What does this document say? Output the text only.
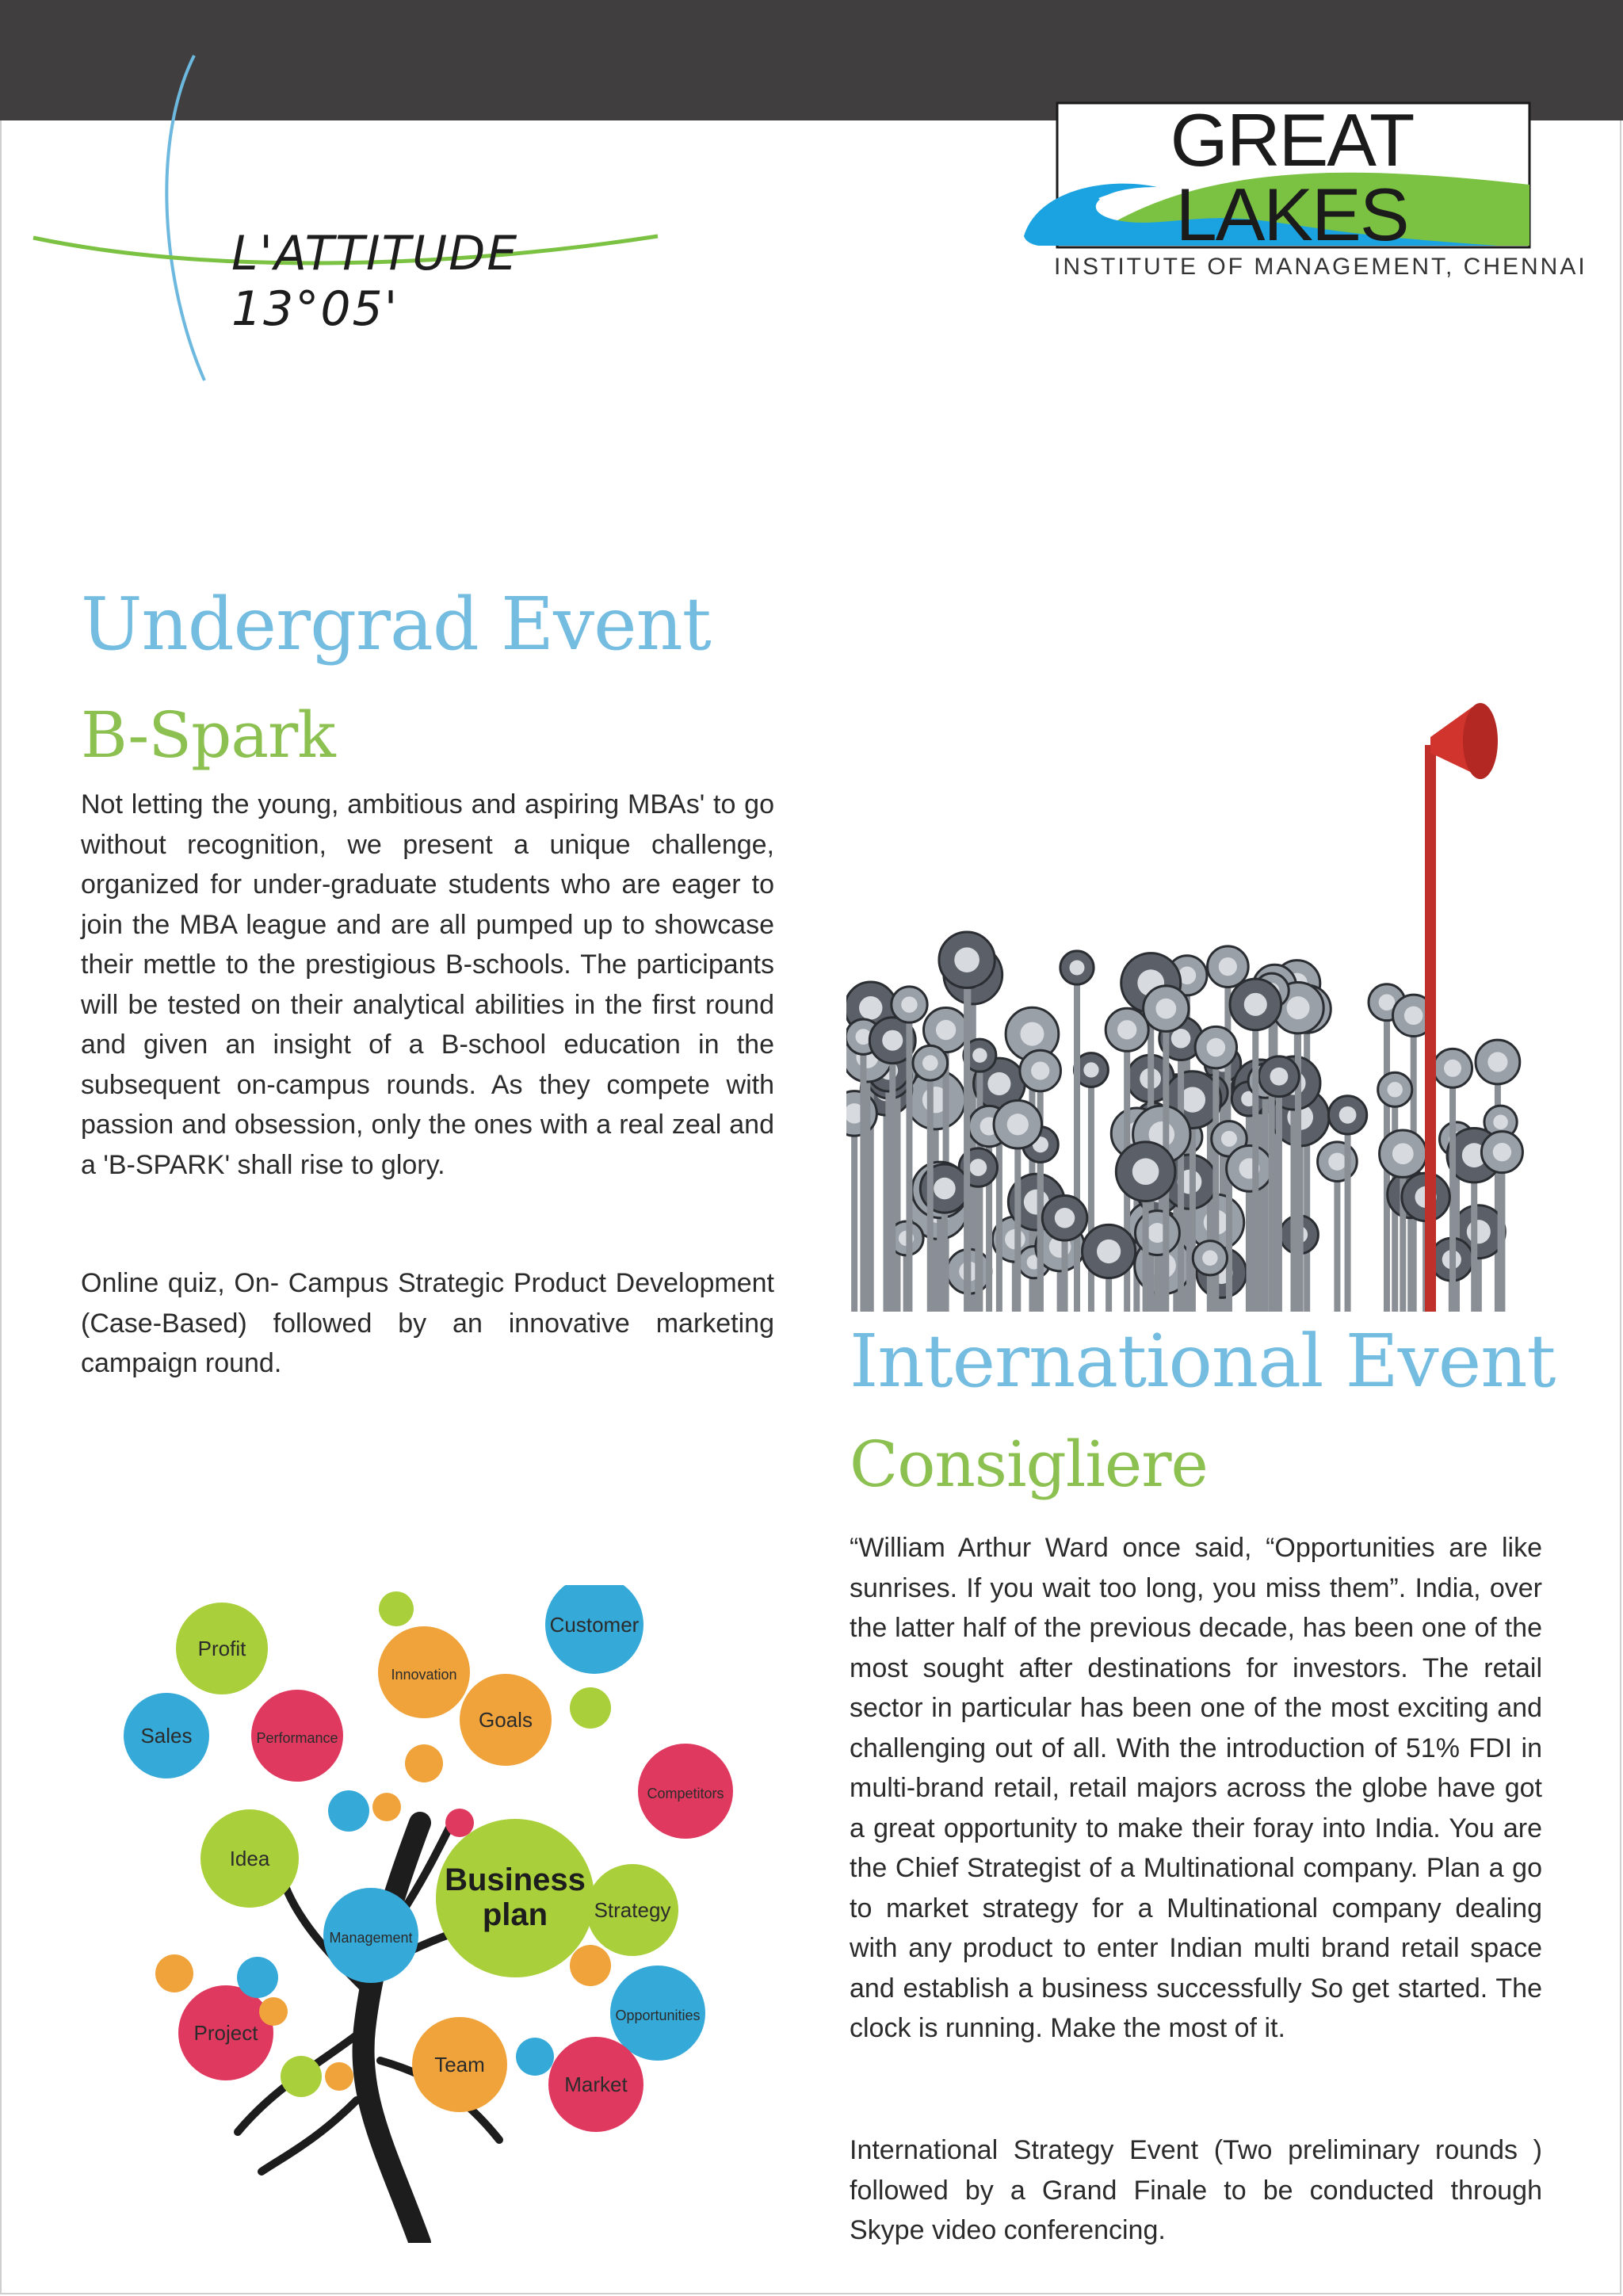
L'ATTITUDE 13°05'
GREAT LAKES
INSTITUTE OF MANAGEMENT, CHENNAI
Undergrad Event
B-Spark

Not letting the young, ambitious and aspiring MBAs' to go without recognition, we present a unique challenge, organized for under-graduate students who are eager to join the MBA league and are all pumped up to showcase their mettle to the prestigious B-schools. The participants will be tested on their analytical abilities in the first round and given an insight of a B-school education in the subsequent on-campus rounds. As they compete with passion and obsession, only the ones with a real zeal and a 'B-SPARK' shall rise to glory.

Online quiz, On- Campus Strategic Product Development (Case-Based) followed by an innovative marketing campaign round.	International Event
Consigliere

“William Arthur Ward once said, “Opportunities are like sunrises. If you wait too long, you miss them”. India, over the latter half of the previous decade, has been one of the most sought after destinations for investors. The retail sector in particular has been one of the most exciting and challenging out of all. With the introduction of 51% FDI in multi-brand retail, retail majors across the globe have got a great opportunity to make their foray into India. You are the Chief Strategist of a Multinational company. Plan a go to market strategy for a Multinational company dealing with any product to enter Indian multi brand retail space and establish a business successfully So get started. The clock is running. Make the most of it.

International Strategy Event (Two preliminary rounds ) followed by a Grand Finale to be conducted through Skype video conferencing.

Profit
Customer
Innovation
Goals
Sales	Performance
Competitors
Idea
Strategy
Management
Opportunities
Project
Team
Market
Business
plan
